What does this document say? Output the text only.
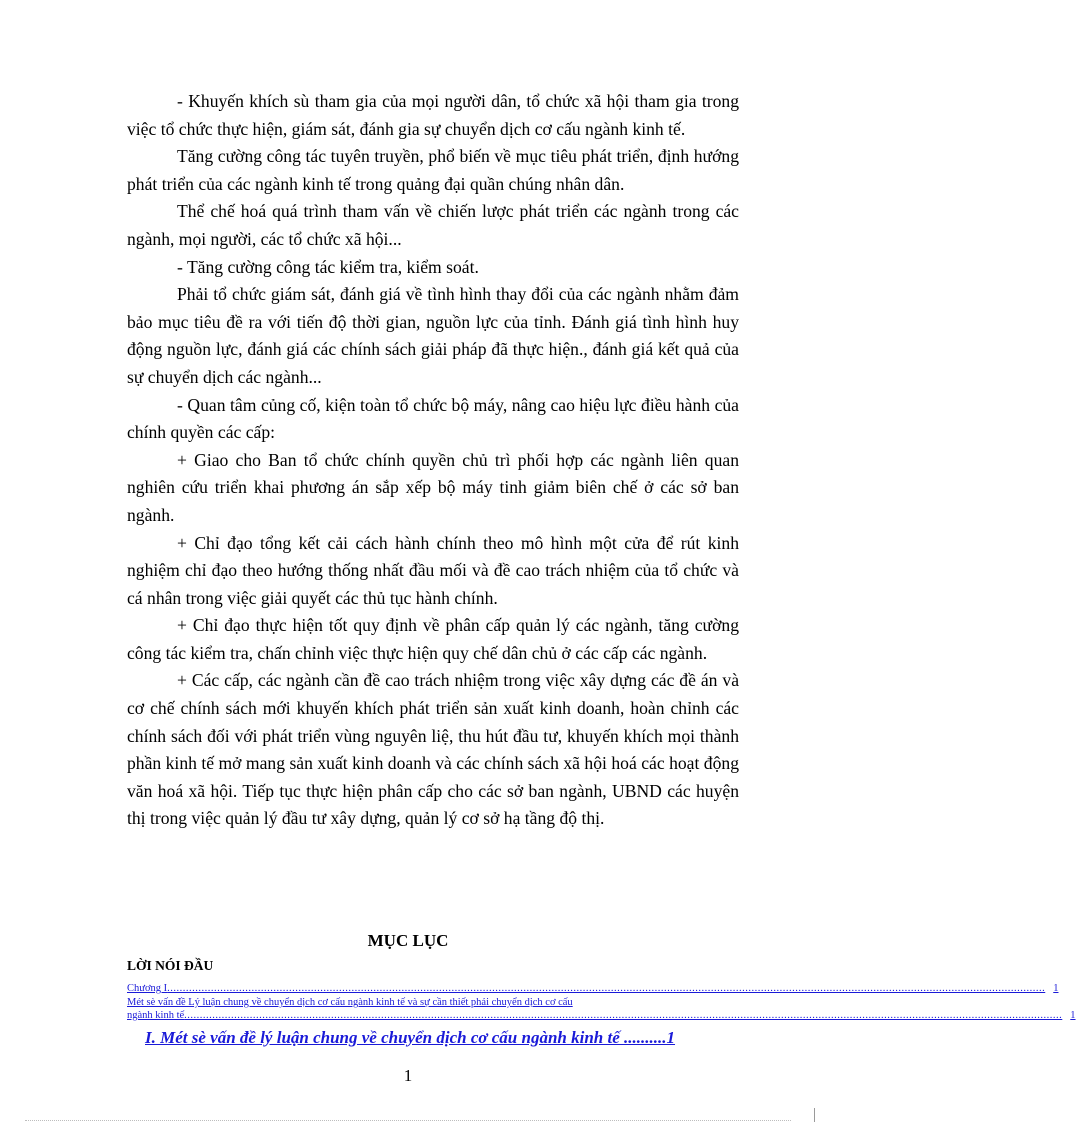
- Khuyến khích sù tham gia của mọi người dân, tổ chức xã hội tham gia trong việc tổ chức thực hiện, giám sát, đánh gia sự chuyển dịch cơ cấu ngành kinh tế.

Tăng cường công tác tuyên truyền, phổ biến về mục tiêu phát triển, định hướng phát triển của các ngành kinh tế trong quảng đại quần chúng nhân dân.

Thể chế hoá quá trình tham vấn về chiến lược phát triển các ngành trong các ngành, mọi người, các tổ chức xã hội...

- Tăng cường công tác kiểm tra, kiểm soát.

Phải tổ chức giám sát, đánh giá về tình hình thay đổi của các ngành nhằm đảm bảo mục tiêu đề ra với tiến độ thời gian, nguồn lực của tỉnh. Đánh giá tình hình huy động nguồn lực, đánh giá các chính sách giải pháp đã thực hiện., đánh giá kết quả của sự chuyển dịch các ngành...

- Quan tâm củng cố, kiện toàn tổ chức bộ máy, nâng cao hiệu lực điều hành của chính quyền các cấp:

+ Giao cho Ban tổ chức chính quyền chủ trì phối hợp các ngành liên quan nghiên cứu triển khai phương án sắp xếp bộ máy tinh giảm biên chế ở các sở ban ngành.

+ Chỉ đạo tổng kết cải cách hành chính theo mô hình một cửa để rút kinh nghiệm chỉ đạo theo hướng thống nhất đầu mối và đề cao trách nhiệm của tổ chức và cá nhân trong việc giải quyết các thủ tục hành chính.

+ Chỉ đạo thực hiện tốt quy định về phân cấp quản lý các ngành, tăng cường công tác kiểm tra, chấn chỉnh việc thực hiện quy chế dân chủ ở các cấp các ngành.

+ Các cấp, các ngành cần đề cao trách nhiệm trong việc xây dựng các đề án và cơ chế chính sách mới khuyến khích phát triển sản xuất kinh doanh, hoàn chỉnh các chính sách đối với phát triển vùng nguyên liệ, thu hút đầu tư, khuyến khích mọi thành phần kinh tế mở mang sản xuất kinh doanh và các chính sách xã hội hoá các hoạt động văn hoá xã hội. Tiếp tục thực hiện phân cấp cho các sở ban ngành, UBND các huyện thị trong việc quản lý đầu tư xây dựng, quản lý cơ sở hạ tầng độ thị.

MỤC LỤC
LỜI NÓI ĐẦU
Chương I ......................................................................................................................................................................................................................................................................................... 1
Mét sè vấn đề Lý luận chung về chuyển dịch cơ cấu ngành kinh tế và sự cần thiết phải chuyển dịch cơ cấu
ngành kinh tế ......................................................................................................................................................................................................................................................................................... 1
I. Mét sè vấn đề lý luận chung về chuyển dịch cơ cấu ngành kinh tế ..........1
1
